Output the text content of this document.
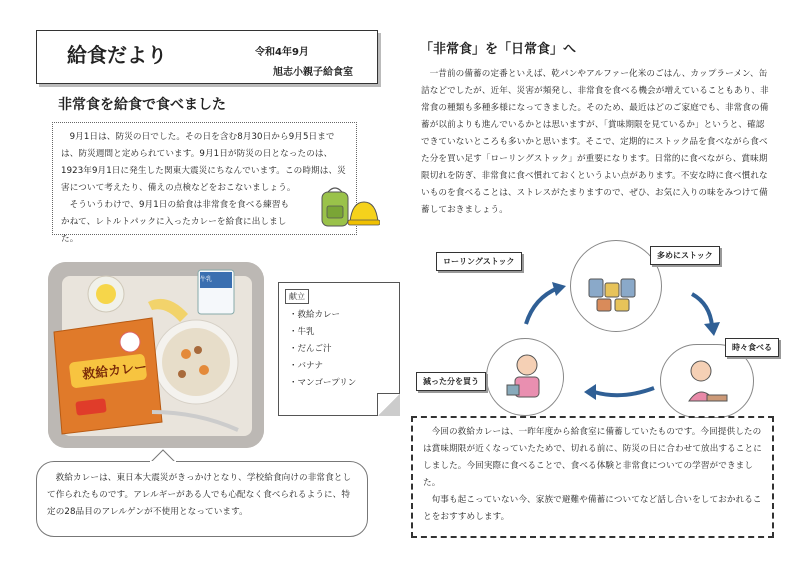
給食だより	令和4年9月
旭志小親子給食室
非常食を給食で食べました
9月1日は、防災の日でした。その日を含む8月30日から9月5日までは、防災週間と定められています。9月1日が防災の日となったのは、1923年9月1日に発生した関東大震災にちなんでいます。この時期は、災害について考えたり、備えの点検などをおこないましょう。
そういうわけで、9月1日の給食は非常食を食べる練習もかねて、レトルトパックに入ったカレーを給食に出しました。
救給カレー
牛乳
献立
・救給カレー
・牛乳
・だんご汁
・バナナ
・マンゴープリン
救給カレーは、東日本大震災がきっかけとなり、学校給食向けの非常食として作られたものです。アレルギーがある人でも心配なく食べられるように、特定の28品目のアレルゲンが不使用となっています。
「非常食」を「日常食」へ
一昔前の備蓄の定番といえば、乾パンやアルファー化米のごはん、カップラーメン、缶詰などでしたが、近年、災害が頻発し、非常食を食べる機会が増えていることもあり、非常食の種類も多種多様になってきました。そのため、最近はどのご家庭でも、非常食の備蓄が以前よりも進んでいるかとは思いますが、「賞味期限を見ているか」というと、確認できていないところも多いかと思います。そこで、定期的にストック品を食べながら食べた分を買い足す「ローリングストック」が重要になります。日常的に食べながら、賞味期限切れを防ぎ、非常食に食べ慣れておくというよい点があります。不安な時に食べ慣れないものを食べることは、ストレスがたまりますので、ぜひ、お気に入りの味をみつけて備蓄しておきましょう。
ローリングストック
多めにストック
時々食べる
減った分を買う
今回の救給カレーは、一昨年度から給食室に備蓄していたものです。今回提供したのは賞味期限が近くなっていたためで、切れる前に、防災の日に合わせて放出することにしました。今回実際に食べることで、食べる体験と非常食についての学習ができました。
旬事も起こっていない今、家族で避難や備蓄についてなど話し合いをしておかれることをおすすめします。
